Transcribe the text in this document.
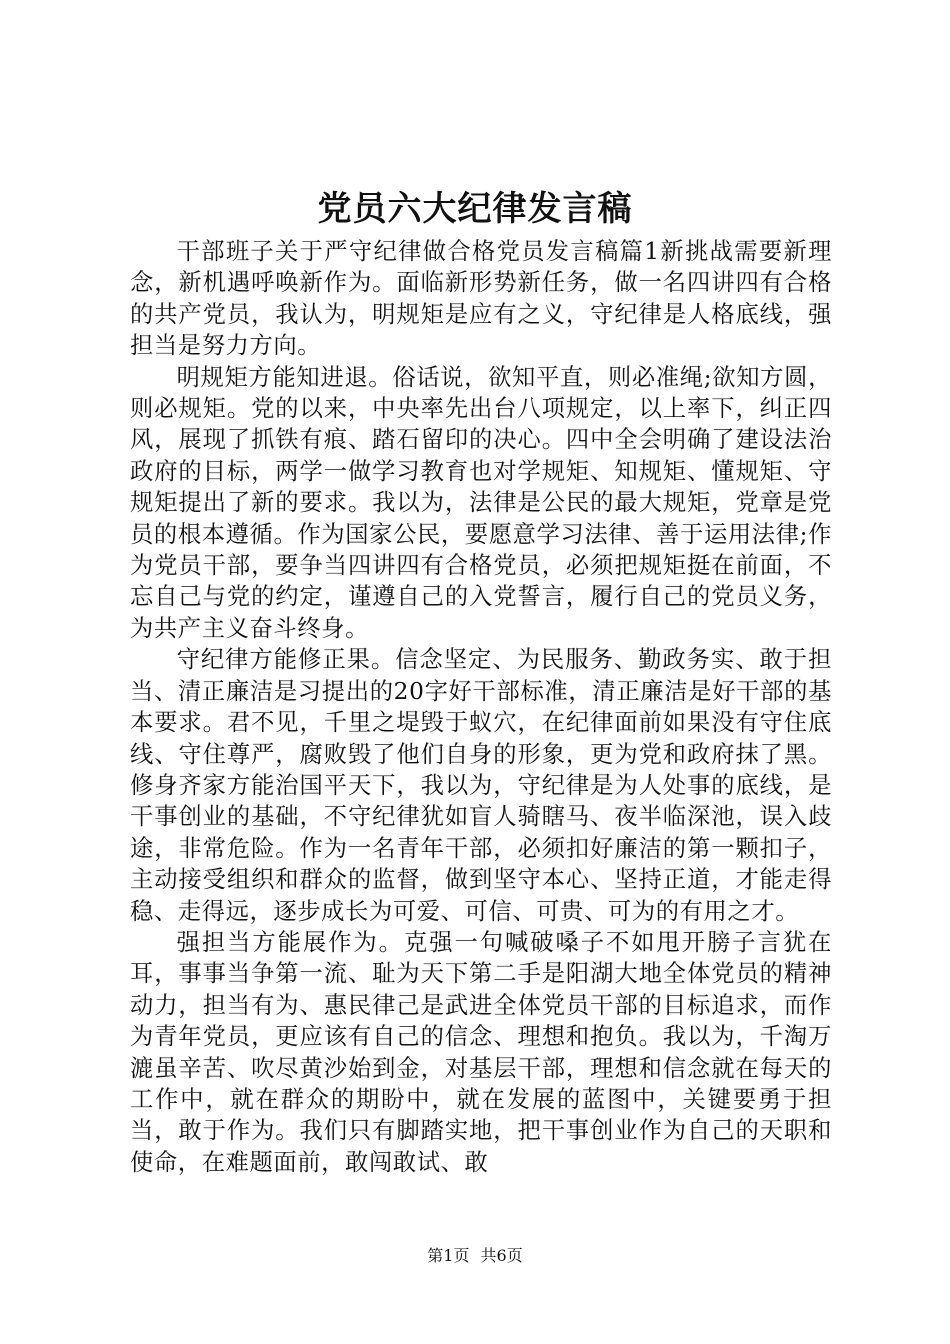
党员六大纪律发言稿

干部班子关于严守纪律做合格党员发言稿篇1新挑战需要新理念，新机遇呼唤新作为。面临新形势新任务，做一名四讲四有合格的共产党员，我认为，明规矩是应有之义，守纪律是人格底线，强担当是努力方向。

明规矩方能知进退。俗话说，欲知平直，则必准绳;欲知方圆，则必规矩。党的以来，中央率先出台八项规定，以上率下，纠正四风，展现了抓铁有痕、踏石留印的决心。四中全会明确了建设法治政府的目标，两学一做学习教育也对学规矩、知规矩、懂规矩、守规矩提出了新的要求。我以为，法律是公民的最大规矩，党章是党员的根本遵循。作为国家公民，要愿意学习法律、善于运用法律;作为党员干部，要争当四讲四有合格党员，必须把规矩挺在前面，不忘自己与党的约定，谨遵自己的入党誓言，履行自己的党员义务，为共产主义奋斗终身。

守纪律方能修正果。信念坚定、为民服务、勤政务实、敢于担当、清正廉洁是习提出的20字好干部标准，清正廉洁是好干部的基本要求。君不见，千里之堤毁于蚁穴，在纪律面前如果没有守住底线、守住尊严，腐败毁了他们自身的形象，更为党和政府抹了黑。修身齐家方能治国平天下，我以为，守纪律是为人处事的底线，是干事创业的基础，不守纪律犹如盲人骑瞎马、夜半临深池，误入歧途，非常危险。作为一名青年干部，必须扣好廉洁的第一颗扣子，主动接受组织和群众的监督，做到坚守本心、坚持正道，才能走得稳、走得远，逐步成长为可爱、可信、可贵、可为的有用之才。

强担当方能展作为。克强一句喊破嗓子不如甩开膀子言犹在耳，事事当争第一流、耻为天下第二手是阳湖大地全体党员的精神动力，担当有为、惠民律己是武进全体党员干部的目标追求，而作为青年党员，更应该有自己的信念、理想和抱负。我以为，千淘万漉虽辛苦、吹尽黄沙始到金，对基层干部，理想和信念就在每天的工作中，就在群众的期盼中，就在发展的蓝图中，关键要勇于担当，敢于作为。我们只有脚踏实地，把干事创业作为自己的天职和使命，在难题面前，敢闯敢试、敢

第1页 共6页
